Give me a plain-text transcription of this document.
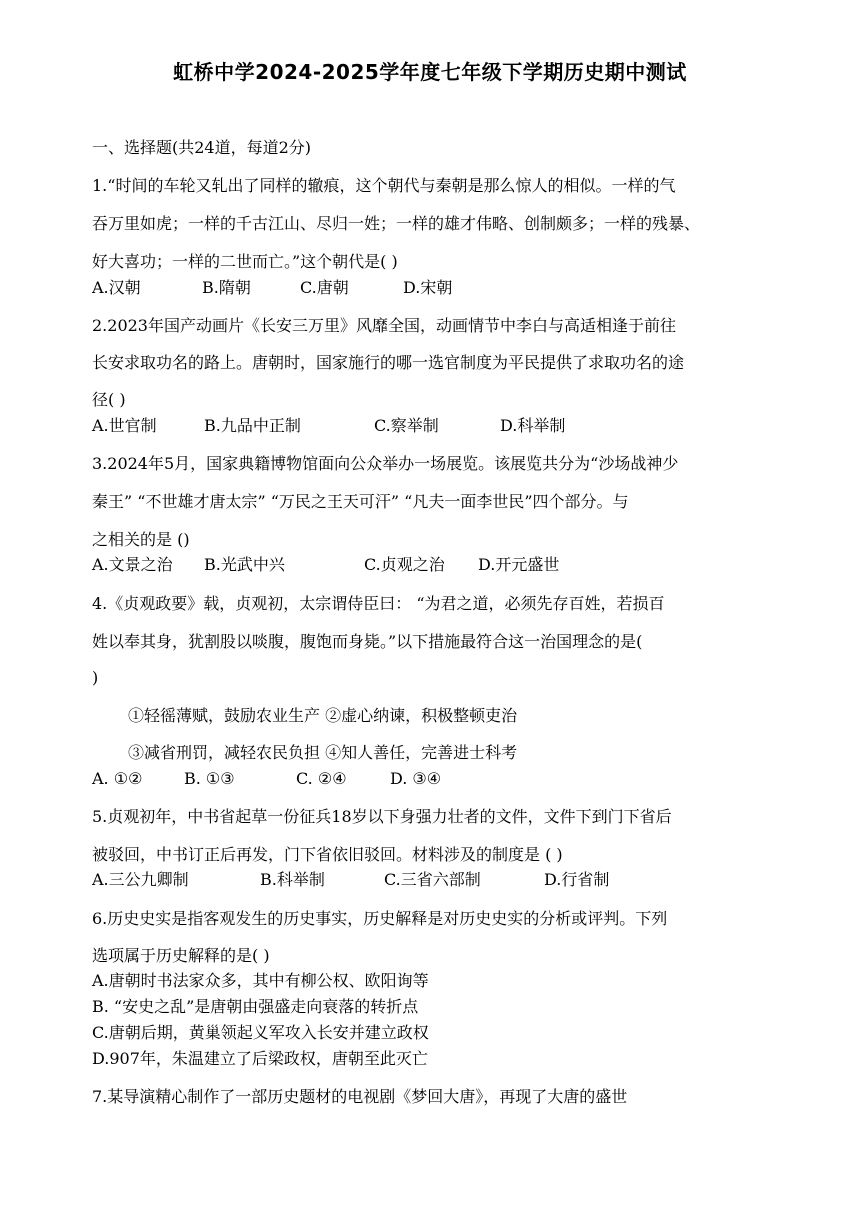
虹桥中学2024-2025学年度七年级下学期历史期中测试
一、选择题(共24道，每道2分)
1.“时间的车轮又轧出了同样的辙痕，这个朝代与秦朝是那么惊人的相似。一样的气
吞万里如虎；一样的千古江山、尽归一姓；一样的雄才伟略、创制颇多；一样的残暴、
好大喜功；一样的二世而亡。”这个朝代是( )
A.汉朝	B.隋朝	C.唐朝	D.宋朝
2.2023年国产动画片《长安三万里》风靡全国，动画情节中李白与高适相逢于前往
长安求取功名的路上。唐朝时，国家施行的哪一选官制度为平民提供了求取功名的途
径( )
A.世官制	B.九品中正制	C.察举制	D.科举制
3.2024年5月，国家典籍博物馆面向公众举办一场展览。该展览共分为“沙场战神少
秦王” “不世雄才唐太宗” “万民之王天可汗” “凡夫一面李世民”四个部分。与
之相关的是 ()
A.文景之治 B.光武中兴	C.贞观之治 D.开元盛世
4.《贞观政要》载，贞观初，太宗谓侍臣曰： “为君之道，必须先存百姓，若损百
姓以奉其身，犹割股以啖腹，腹饱而身毙。”以下措施最符合这一治国理念的是(
)
①轻徭薄赋，鼓励农业生产 ②虚心纳谏，积极整顿吏治
③减省刑罚，减轻农民负担 ④知人善任，完善进士科考
A. ①②	B. ①③	C. ②④	D. ③④
5.贞观初年，中书省起草一份征兵18岁以下身强力壮者的文件，文件下到门下省后
被驳回，中书订正后再发，门下省依旧驳回。材料涉及的制度是 ( )
A.三公九卿制	B.科举制	C.三省六部制	D.行省制
6.历史史实是指客观发生的历史事实，历史解释是对历史史实的分析或评判。下列
选项属于历史解释的是( )
A.唐朝时书法家众多，其中有柳公权、欧阳询等
B. “安史之乱”是唐朝由强盛走向衰落的转折点
C.唐朝后期，黄巢领起义军攻入长安并建立政权
D.907年，朱温建立了后梁政权，唐朝至此灭亡
7.某导演精心制作了一部历史题材的电视剧《梦回大唐》，再现了大唐的盛世
